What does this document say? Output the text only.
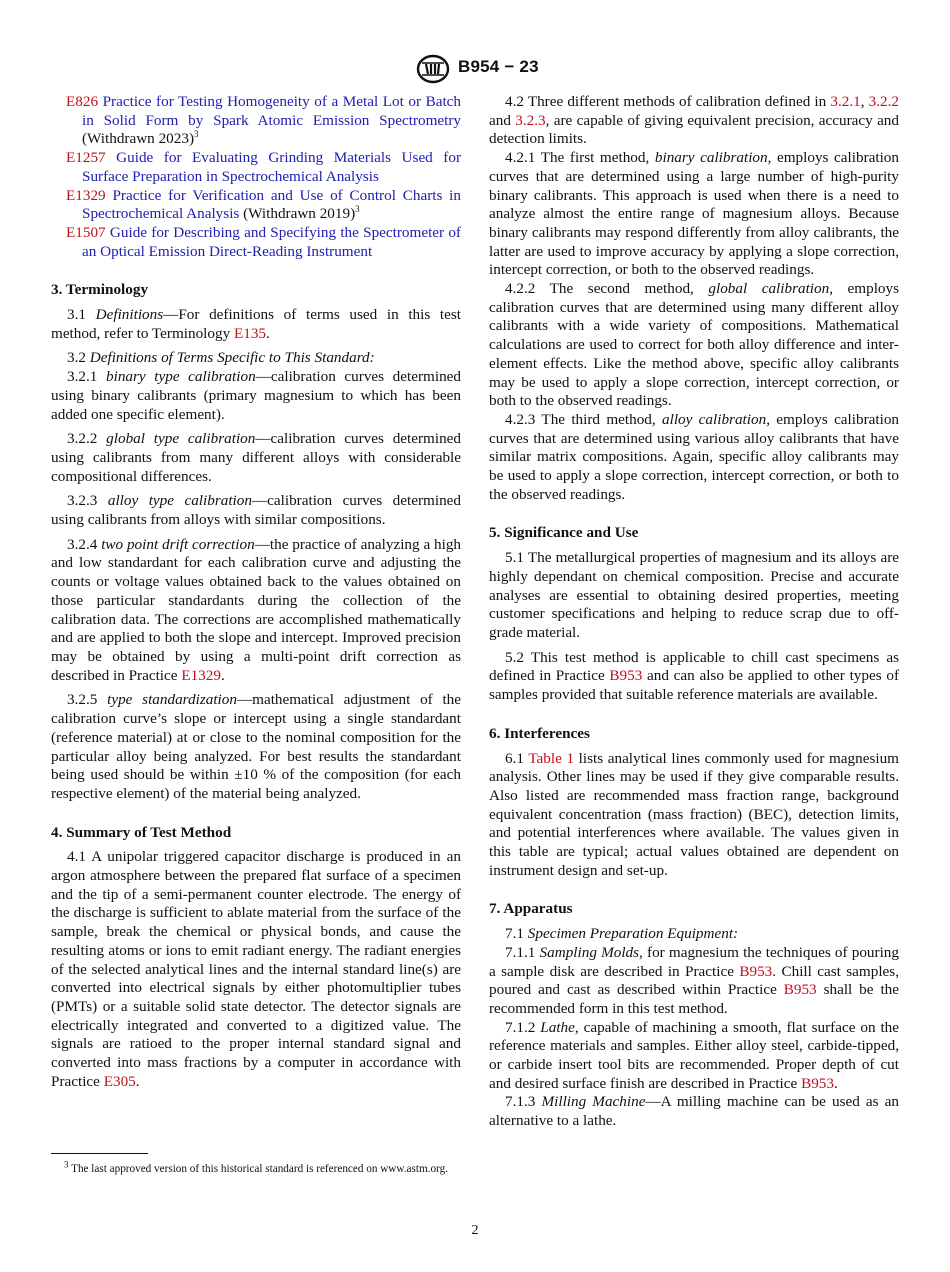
B954 − 23

E826 Practice for Testing Homogeneity of a Metal Lot or Batch in Solid Form by Spark Atomic Emission Spectrometry (Withdrawn 2023)$^3$

E1257 Guide for Evaluating Grinding Materials Used for Surface Preparation in Spectrochemical Analysis

E1329 Practice for Verification and Use of Control Charts in Spectrochemical Analysis (Withdrawn 2019)$^3$

E1507 Guide for Describing and Specifying the Spectrometer of an Optical Emission Direct-Reading Instrument

3. Terminology

3.1 Definitions—For definitions of terms used in this test method, refer to Terminology E135.

3.2 Definitions of Terms Specific to This Standard:

3.2.1 binary type calibration—calibration curves determined using binary calibrants (primary magnesium to which has been added one specific element).

3.2.2 global type calibration—calibration curves determined using calibrants from many different alloys with considerable compositional differences.

3.2.3 alloy type calibration—calibration curves determined using calibrants from alloys with similar compositions.

3.2.4 two point drift correction—the practice of analyzing a high and low standardant for each calibration curve and adjusting the counts or voltage values obtained back to the values obtained on those particular standardants during the collection of the calibration data. The corrections are accomplished mathematically and are applied to both the slope and intercept. Improved precision may be obtained by using a multi-point drift correction as described in Practice E1329.

3.2.5 type standardization—mathematical adjustment of the calibration curve’s slope or intercept using a single standardant (reference material) at or close to the nominal composition for the particular alloy being analyzed. For best results the standardant being used should be within ±10 % of the composition (for each respective element) of the material being analyzed.

4. Summary of Test Method

4.1 A unipolar triggered capacitor discharge is produced in an argon atmosphere between the prepared flat surface of a specimen and the tip of a semi-permanent counter electrode. The energy of the discharge is sufficient to ablate material from the surface of the sample, break the chemical or physical bonds, and cause the resulting atoms or ions to emit radiant energy. The radiant energies of the selected analytical lines and the internal standard line(s) are converted into electrical signals by either photomultiplier tubes (PMTs) or a suitable solid state detector. The detector signals are electrically integrated and converted to a digitized value. The signals are ratioed to the proper internal standard signal and converted into mass fractions by a computer in accordance with Practice E305.

4.2 Three different methods of calibration defined in 3.2.1, 3.2.2 and 3.2.3, are capable of giving equivalent precision, accuracy and detection limits.

4.2.1 The first method, binary calibration, employs calibration curves that are determined using a large number of high-purity binary calibrants. This approach is used when there is a need to analyze almost the entire range of magnesium alloys. Because binary calibrants may respond differently from alloy calibrants, the latter are used to improve accuracy by applying a slope correction, intercept correction, or both to the observed readings.

4.2.2 The second method, global calibration, employs calibration curves that are determined using many different alloy calibrants with a wide variety of compositions. Mathematical calculations are used to correct for both alloy difference and inter-element effects. Like the method above, specific alloy calibrants may be used to apply a slope correction, intercept correction, or both to the observed readings.

4.2.3 The third method, alloy calibration, employs calibration curves that are determined using various alloy calibrants that have similar matrix compositions. Again, specific alloy calibrants may be used to apply a slope correction, intercept correction, or both to the observed readings.

5. Significance and Use

5.1 The metallurgical properties of magnesium and its alloys are highly dependant on chemical composition. Precise and accurate analyses are essential to obtaining desired properties, meeting customer specifications and helping to reduce scrap due to off-grade material.

5.2 This test method is applicable to chill cast specimens as defined in Practice B953 and can also be applied to other types of samples provided that suitable reference materials are available.

6. Interferences

6.1 Table 1 lists analytical lines commonly used for magnesium analysis. Other lines may be used if they give comparable results. Also listed are recommended mass fraction range, background equivalent concentration (mass fraction) (BEC), detection limits, and potential interferences where available. The values given in this table are typical; actual values obtained are dependent on instrument design and set-up.

7. Apparatus

7.1 Specimen Preparation Equipment:

7.1.1 Sampling Molds, for magnesium the techniques of pouring a sample disk are described in Practice B953. Chill cast samples, poured and cast as described within Practice B953 shall be the recommended form in this test method.

7.1.2 Lathe, capable of machining a smooth, flat surface on the reference materials and samples. Either alloy steel, carbide-tipped, or carbide insert tool bits are recommended. Proper depth of cut and desired surface finish are described in Practice B953.

7.1.3 Milling Machine—A milling machine can be used as an alternative to a lathe.

$^3$ The last approved version of this historical standard is referenced on www.astm.org.

2
